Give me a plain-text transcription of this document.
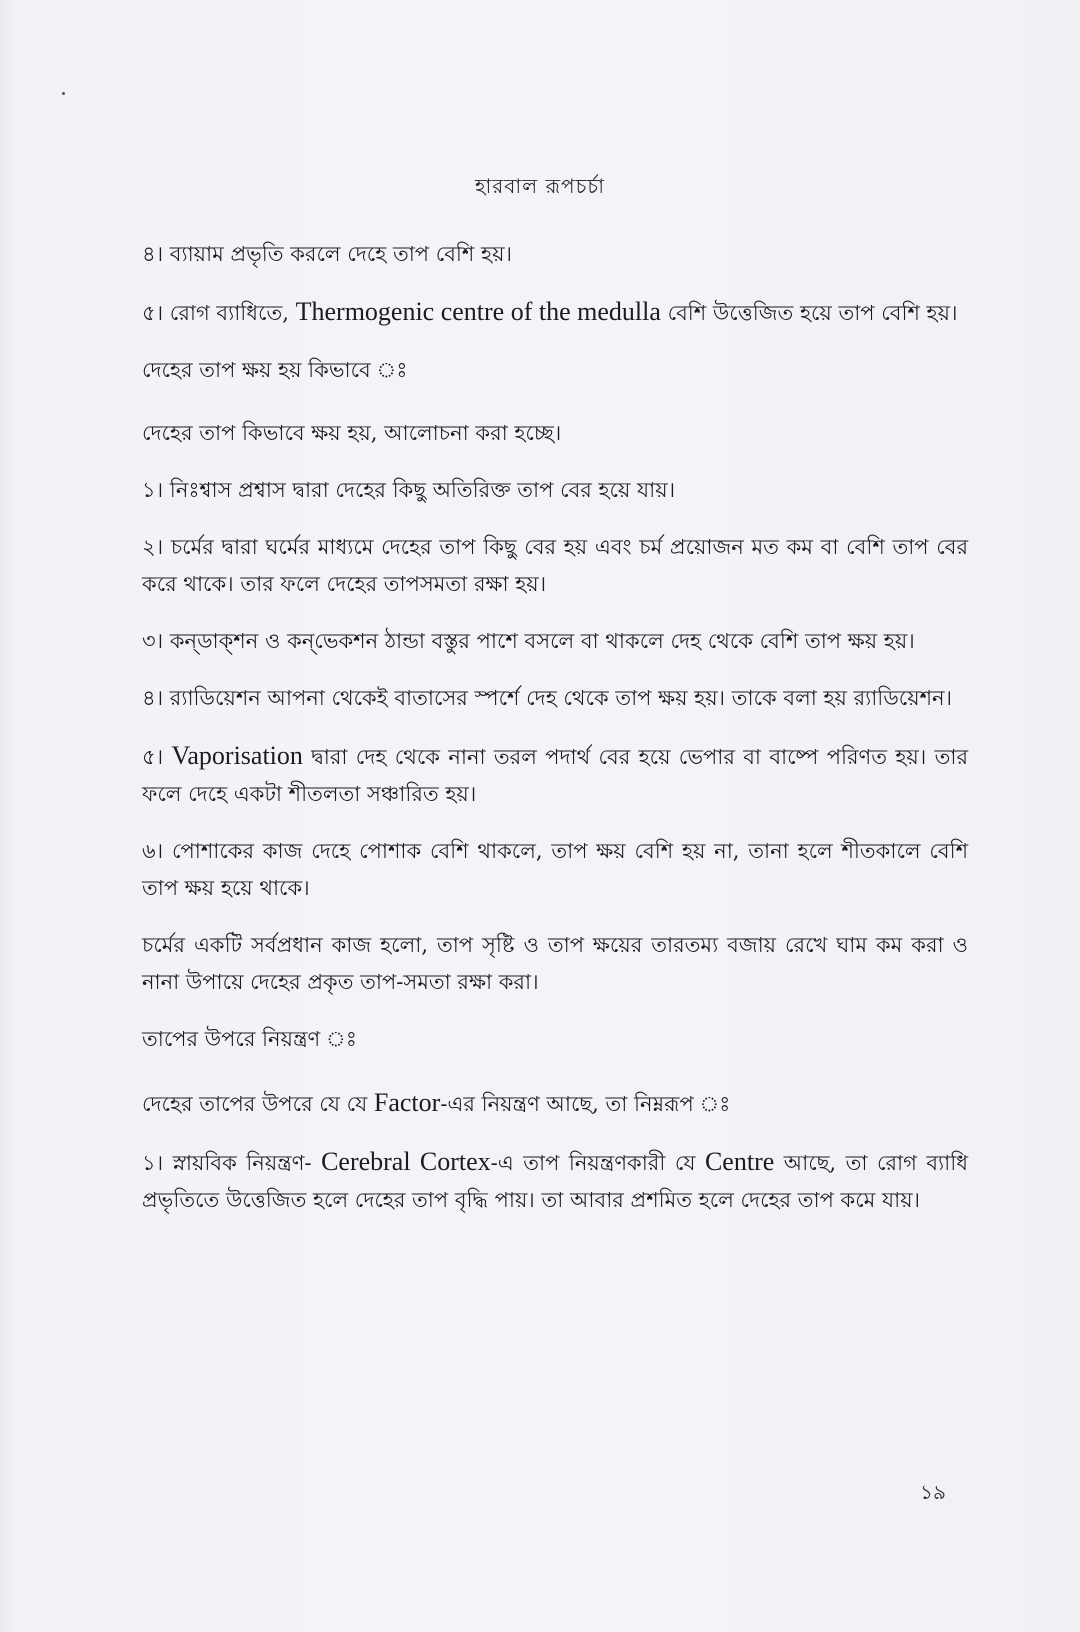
হারবাল রূপচর্চা

৪। ব্যায়াম প্রভৃতি করলে দেহে তাপ বেশি হয়।

৫। রোগ ব্যাধিতে, Thermogenic centre of the medulla বেশি উত্তেজিত হয়ে তাপ বেশি হয়।

দেহের তাপ ক্ষয় হয় কিভাবে ঃ

দেহের তাপ কিভাবে ক্ষয় হয়, আলোচনা করা হচ্ছে।

১। নিঃশ্বাস প্রশ্বাস দ্বারা দেহের কিছু অতিরিক্ত তাপ বের হয়ে যায়।

২। চর্মের দ্বারা ঘর্মের মাধ্যমে দেহের তাপ কিছু বের হয় এবং চর্ম প্রয়োজন মত কম বা বেশি তাপ বের করে থাকে। তার ফলে দেহের তাপসমতা রক্ষা হয়।

৩। কন্‌ডাক্‌শন ও কন্‌ভেকশন ঠান্ডা বস্তুর পাশে বসলে বা থাকলে দেহ থেকে বেশি তাপ ক্ষয় হয়।

৪। র‍্যাডিয়েশন আপনা থেকেই বাতাসের স্পর্শে দেহ থেকে তাপ ক্ষয় হয়। তাকে বলা হয় র‍্যাডিয়েশন।

৫। Vaporisation দ্বারা দেহ থেকে নানা তরল পদার্থ বের হয়ে ভেপার বা বাষ্পে পরিণত হয়। তার ফলে দেহে একটা শীতলতা সঞ্চারিত হয়।

৬। পোশাকের কাজ দেহে পোশাক বেশি থাকলে, তাপ ক্ষয় বেশি হয় না, তানা হলে শীতকালে বেশি তাপ ক্ষয় হয়ে থাকে।

চর্মের একটি সর্বপ্রধান কাজ হলো, তাপ সৃষ্টি ও তাপ ক্ষয়ের তারতম্য বজায় রেখে ঘাম কম করা ও নানা উপায়ে দেহের প্রকৃত তাপ-সমতা রক্ষা করা।

তাপের উপরে নিয়ন্ত্রণ ঃ

দেহের তাপের উপরে যে যে Factor-এর নিয়ন্ত্রণ আছে, তা নিম্নরূপ ঃ

১। স্নায়বিক নিয়ন্ত্রণ- Cerebral Cortex-এ তাপ নিয়ন্ত্রণকারী যে Centre আছে, তা রোগ ব্যাধি প্রভৃতিতে উত্তেজিত হলে দেহের তাপ বৃদ্ধি পায়। তা আবার প্রশমিত হলে দেহের তাপ কমে যায়।

১৯
